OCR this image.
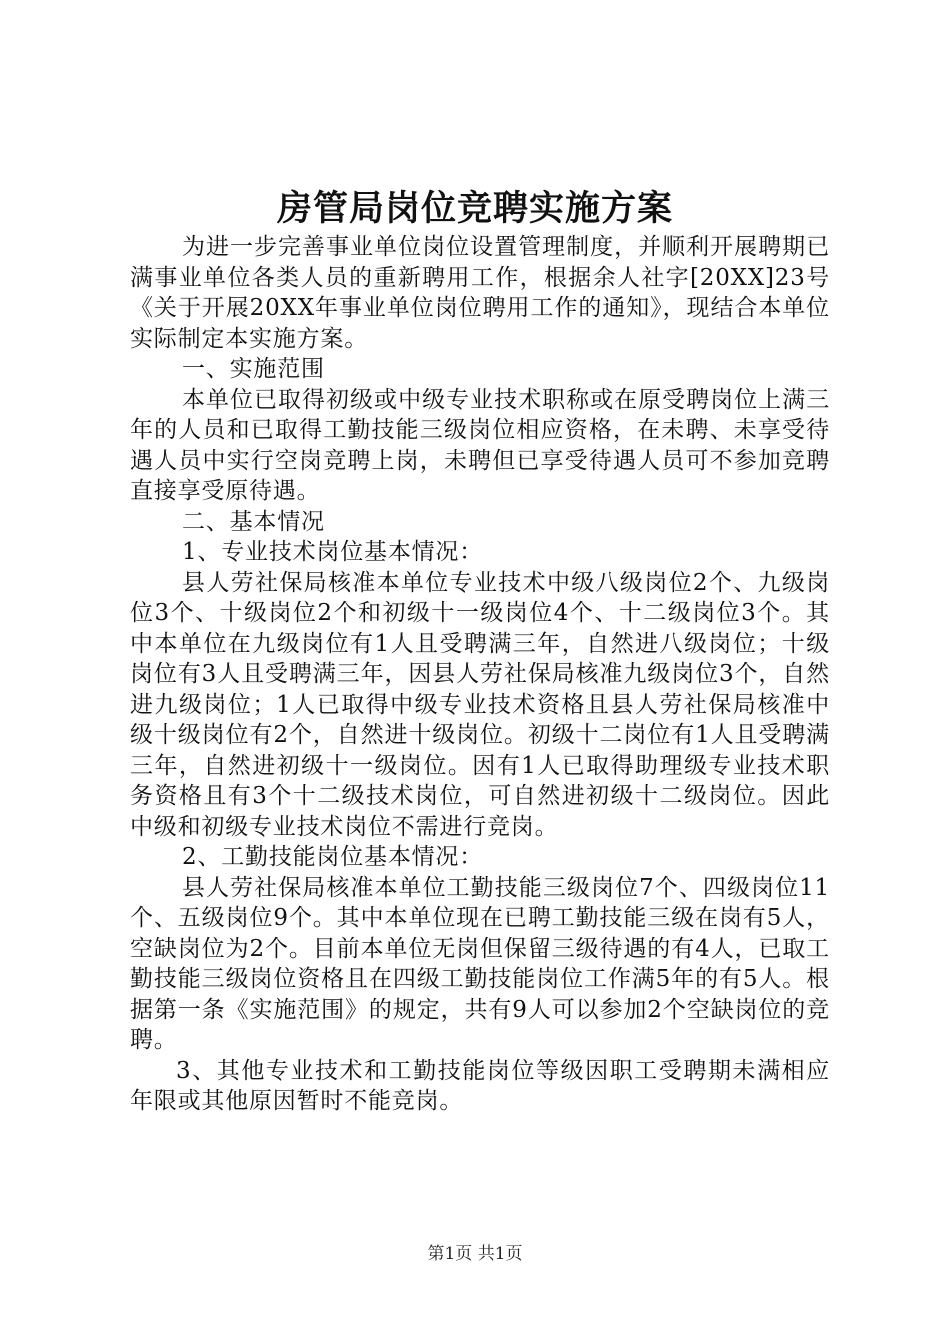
房管局岗位竞聘实施方案

为进一步完善事业单位岗位设置管理制度，并顺利开展聘期已满事业单位各类人员的重新聘用工作，根据余人社字[20XX]23号《关于开展20XX年事业单位岗位聘用工作的通知》，现结合本单位实际制定本实施方案。

一、实施范围

本单位已取得初级或中级专业技术职称或在原受聘岗位上满三年的人员和已取得工勤技能三级岗位相应资格，在未聘、未享受待遇人员中实行空岗竞聘上岗，未聘但已享受待遇人员可不参加竞聘直接享受原待遇。

二、基本情况

1、专业技术岗位基本情况：

县人劳社保局核准本单位专业技术中级八级岗位2个、九级岗位3个、十级岗位2个和初级十一级岗位4个、十二级岗位3个。其中本单位在九级岗位有1人且受聘满三年，自然进八级岗位；十级岗位有3人且受聘满三年，因县人劳社保局核准九级岗位3个，自然进九级岗位；1人已取得中级专业技术资格且县人劳社保局核准中级十级岗位有2个，自然进十级岗位。初级十二岗位有1人且受聘满三年，自然进初级十一级岗位。因有1人已取得助理级专业技术职务资格且有3个十二级技术岗位，可自然进初级十二级岗位。因此中级和初级专业技术岗位不需进行竞岗。

2、工勤技能岗位基本情况：

县人劳社保局核准本单位工勤技能三级岗位7个、四级岗位11个、五级岗位9个。其中本单位现在已聘工勤技能三级在岗有5人，空缺岗位为2个。目前本单位无岗但保留三级待遇的有4人，已取工勤技能三级岗位资格且在四级工勤技能岗位工作满5年的有5人。根据第一条《实施范围》的规定，共有9人可以参加2个空缺岗位的竞聘。

3、其他专业技术和工勤技能岗位等级因职工受聘期未满相应年限或其他原因暂时不能竞岗。

第1页 共1页
